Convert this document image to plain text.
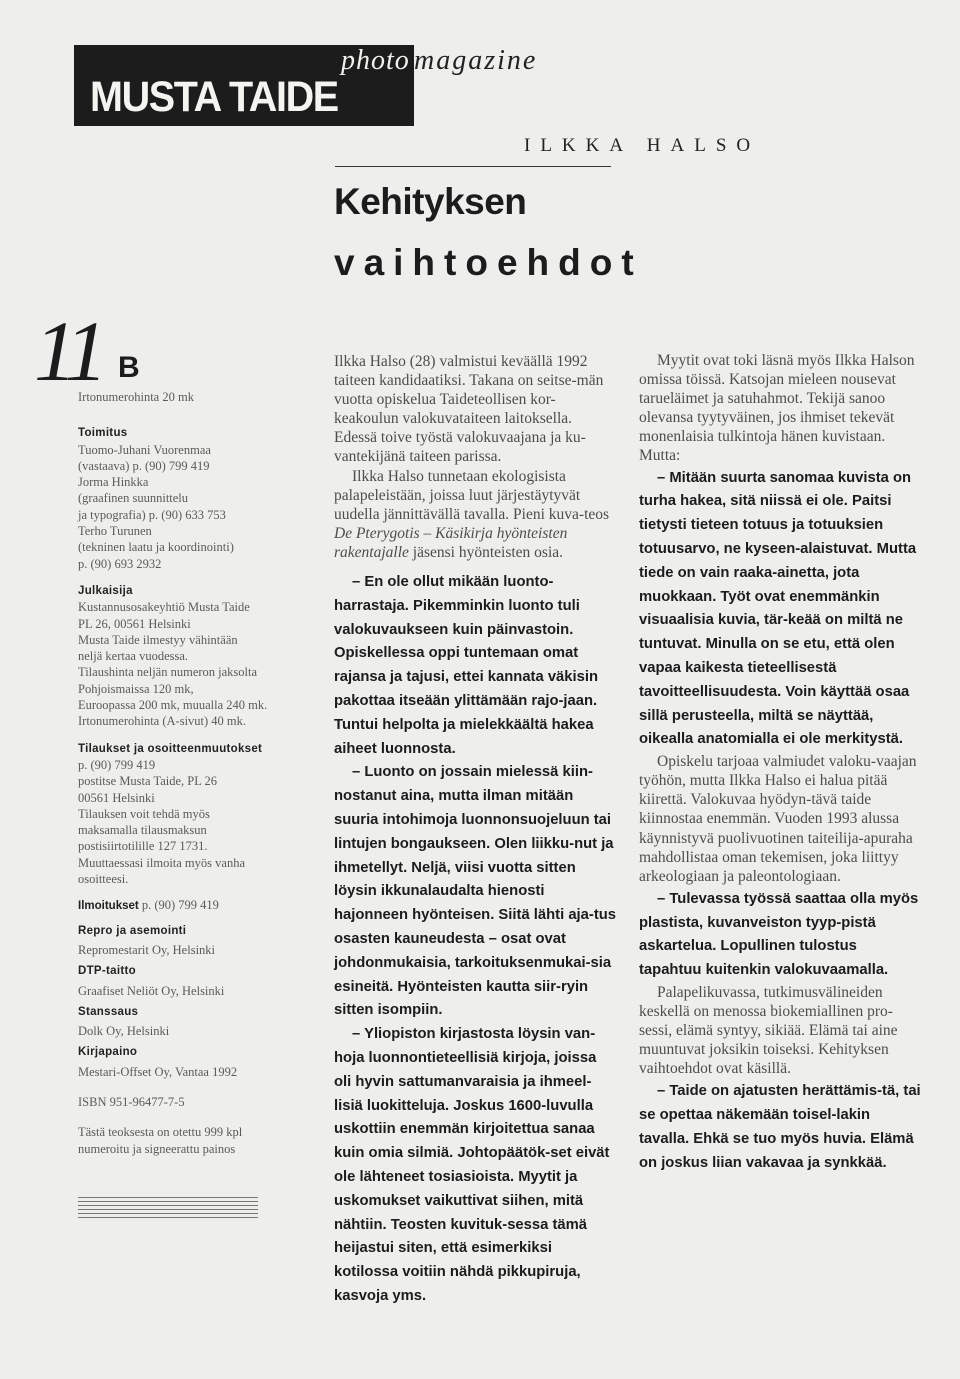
MUSTA TAIDE
photo magazine
ILKKA HALSO
Kehityksen
vaihtoehdot
11 B

Irtonumerohinta 20 mk

Toimitus

Tuomo-Juhani Vuorenmaa

(vastaava) p. (90) 799 419

Jorma Hinkka

(graafinen suunnittelu

ja typografia) p. (90) 633 753

Terho Turunen

(tekninen laatu ja koordinointi)

p. (90) 693 2932

Julkaisija

Kustannusosakeyhtiö Musta Taide

PL 26, 00561 Helsinki

Musta Taide ilmestyy vähintään

neljä kertaa vuodessa.

Tilaushinta neljän numeron jaksolta

Pohjoismaissa 120 mk,

Euroopassa 200 mk, muualla 240 mk.

Irtonumerohinta (A-sivut) 40 mk.

Tilaukset ja osoitteenmuutokset

p. (90) 799 419

postitse Musta Taide, PL 26

00561 Helsinki

Tilauksen voit tehdä myös

maksamalla tilausmaksun

postisiirtotilille 127 1731.

Muuttaessasi ilmoita myös vanha

osoitteesi.

Ilmoitukset p. (90) 799 419

Repro ja asemointi

Repromestarit Oy, Helsinki

DTP-taitto

Graafiset Neliöt Oy, Helsinki

Stanssaus

Dolk Oy, Helsinki

Kirjapaino

Mestari-Offset Oy, Vantaa 1992

ISBN 951-96477-7-5

Tästä teoksesta on otettu 999 kpl

numeroitu ja signeerattu painos

Ilkka Halso (28) valmistui keväällä 1992 taiteen kandidaatiksi. Takana on seitse-män vuotta opiskelua Taideteollisen kor-keakoulun valokuvataiteen laitoksella. Edessä toive työstä valokuvaajana ja ku-vantekijänä taiteen parissa.

Ilkka Halso tunnetaan ekologisista palapeleistään, joissa luut järjestäytyvät uudella jännittävällä tavalla. Pieni kuva-teos De Pterygotis – Käsikirja hyönteisten rakentajalle jäsensi hyönteisten osia.

– En ole ollut mikään luonto-harrastaja. Pikemminkin luonto tuli valokuvaukseen kuin päinvastoin. Opiskellessa oppi tuntemaan omat rajansa ja tajusi, ettei kannata väkisin pakottaa itseään ylittämään rajo-jaan. Tuntui helpolta ja mielekkäältä hakea aiheet luonnosta.

– Luonto on jossain mielessä kiin-nostanut aina, mutta ilman mitään suuria intohimoja luonnonsuojeluun tai lintujen bongaukseen. Olen liikku-nut ja ihmetellyt. Neljä, viisi vuotta sitten löysin ikkunalaudalta hienosti hajonneen hyönteisen. Siitä lähti aja-tus osasten kauneudesta – osat ovat johdonmukaisia, tarkoituksenmukai-sia esineitä. Hyönteisten kautta siir-ryin sitten isompiin.

– Yliopiston kirjastosta löysin van-hoja luonnontieteellisiä kirjoja, joissa oli hyvin sattumanvaraisia ja ihmeel-lisiä luokitteluja. Joskus 1600-luvulla uskottiin enemmän kirjoitettua sanaa kuin omia silmiä. Johtopäätök-set eivät ole lähteneet tosiasioista. Myytit ja uskomukset vaikuttivat siihen, mitä nähtiin. Teosten kuvituk-sessa tämä heijastui siten, että esimerkiksi kotilossa voitiin nähdä pikkupiruja, kasvoja yms.

Myytit ovat toki läsnä myös Ilkka Halson omissa töissä. Katsojan mieleen nousevat tarueläimet ja satuhahmot. Tekijä sanoo olevansa tyytyväinen, jos ihmiset tekevät monenlaisia tulkintoja hänen kuvistaan. Mutta:

– Mitään suurta sanomaa kuvista on turha hakea, sitä niissä ei ole. Paitsi tietysti tieteen totuus ja totuuksien totuusarvo, ne kyseen-alaistuvat. Mutta tiede on vain raaka-ainetta, jota muokkaan. Työt ovat enemmänkin visuaalisia kuvia, tär-keää on miltä ne tuntuvat. Minulla on se etu, että olen vapaa kaikesta tieteellisestä tavoitteellisuudesta. Voin käyttää osaa sillä perusteella, miltä se näyttää, oikealla anatomialla ei ole merkitystä.

Opiskelu tarjoaa valmiudet valoku-vaajan työhön, mutta Ilkka Halso ei halua pitää kiirettä. Valokuvaa hyödyn-tävä taide kiinnostaa enemmän. Vuoden 1993 alussa käynnistyvä puolivuotinen taiteilija-apuraha mahdollistaa oman tekemisen, joka liittyy arkeologiaan ja paleontologiaan.

– Tulevassa työssä saattaa olla myös plastista, kuvanveiston tyyp-pistä askartelua. Lopullinen tulostus tapahtuu kuitenkin valokuvaamalla.

Palapelikuvassa, tutkimusvälineiden keskellä on menossa biokemiallinen pro-sessi, elämä syntyy, sikiää. Elämä tai aine muuntuvat joksikin toiseksi. Kehityksen vaihtoehdot ovat käsillä.

– Taide on ajatusten herättämis-tä, tai se opettaa näkemään toisel-lakin tavalla. Ehkä se tuo myös huvia. Elämä on joskus liian vakavaa ja synkkää.
